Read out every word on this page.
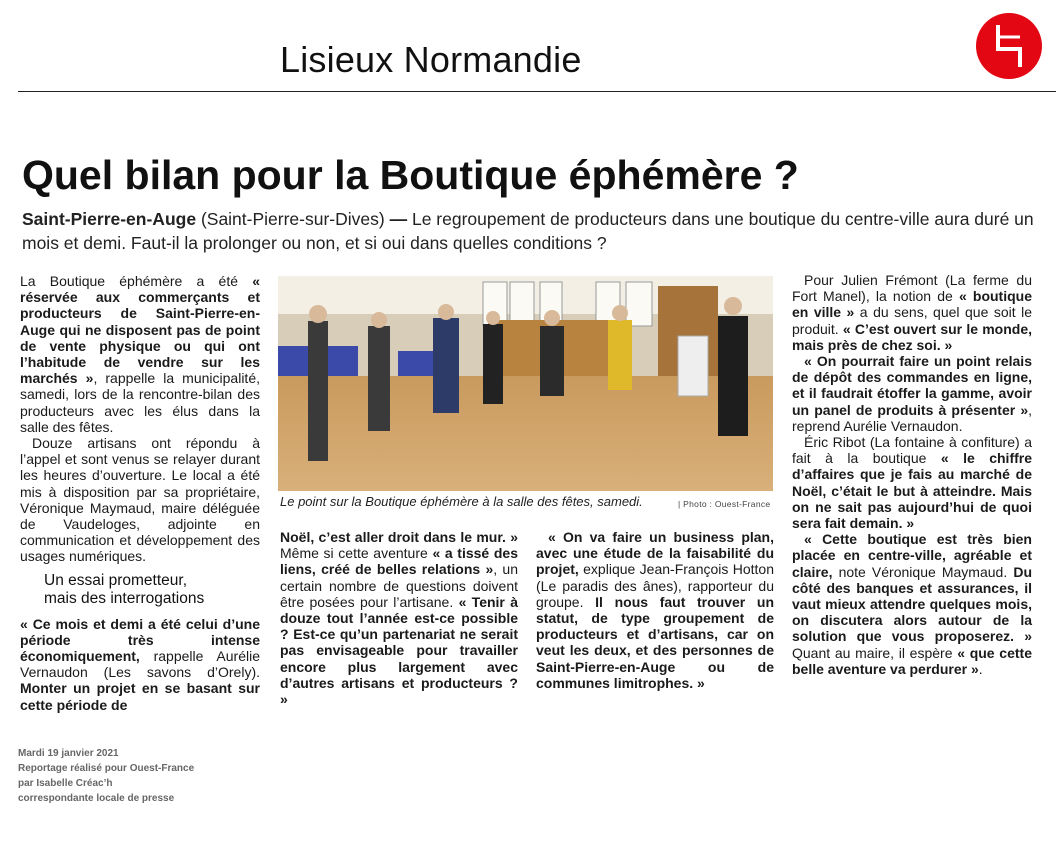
Lisieux Normandie
Quel bilan pour la Boutique éphémère ?
Saint-Pierre-en-Auge (Saint-Pierre-sur-Dives) — Le regroupement de producteurs dans une boutique du centre-ville aura duré un mois et demi. Faut-il la prolonger ou non, et si oui dans quelles conditions ?

La Boutique éphémère a été « réservée aux commerçants et producteurs de Saint-Pierre-en-Auge qui ne disposent pas de point de vente physique ou qui ont l’habitude de vendre sur les marchés », rappelle la municipalité, samedi, lors de la rencontre-bilan des producteurs avec les élus dans la salle des fêtes.

Douze artisans ont répondu à l’appel et sont venus se relayer durant les heures d’ouverture. Le local a été mis à disposition par sa propriétaire, Véronique Maymaud, maire déléguée de Vaudeloges, adjointe en communication et développement des usages numériques.

Un essai prometteur,
mais des interrogations

« Ce mois et demi a été celui d’une période très intense économiquement, rappelle Aurélie Vernaudon (Les savons d’Orely). Monter un projet en se basant sur cette période de

Le point sur la Boutique éphémère à la salle des fêtes, samedi.	| Photo : Ouest-France

Noël, c’est aller droit dans le mur. » Même si cette aventure « a tissé des liens, créé de belles relations », un certain nombre de questions doivent être posées pour l’artisane. « Tenir à douze tout l’année est-ce possible ? Est-ce qu’un partenariat ne serait pas envisageable pour travailler encore plus largement avec d’autres artisans et producteurs ? »

« On va faire un business plan, avec une étude de la faisabilité du projet, explique Jean-François Hotton (Le paradis des ânes), rapporteur du groupe. Il nous faut trouver un statut, de type groupement de producteurs et d’artisans, car on veut les deux, et des personnes de Saint-Pierre-en-Auge ou de communes limitrophes. »

Pour Julien Frémont (La ferme du Fort Manel), la notion de « boutique en ville » a du sens, quel que soit le produit. « C’est ouvert sur le monde, mais près de chez soi. »

« On pourrait faire un point relais de dépôt des commandes en ligne, et il faudrait étoffer la gamme, avoir un panel de produits à présenter », reprend Aurélie Vernaudon.

Éric Ribot (La fontaine à confiture) a fait à la boutique « le chiffre d’affaires que je fais au marché de Noël, c’était le but à atteindre. Mais on ne sait pas aujourd’hui de quoi sera fait demain. »

« Cette boutique est très bien placée en centre-ville, agréable et claire, note Véronique Maymaud. Du côté des banques et assurances, il vaut mieux attendre quelques mois, on discutera alors autour de la solution que vous proposerez. » Quant au maire, il espère « que cette belle aventure va perdurer ».

Mardi 19 janvier 2021
Reportage réalisé pour Ouest-France
par Isabelle Créac’h
correspondante locale de presse
